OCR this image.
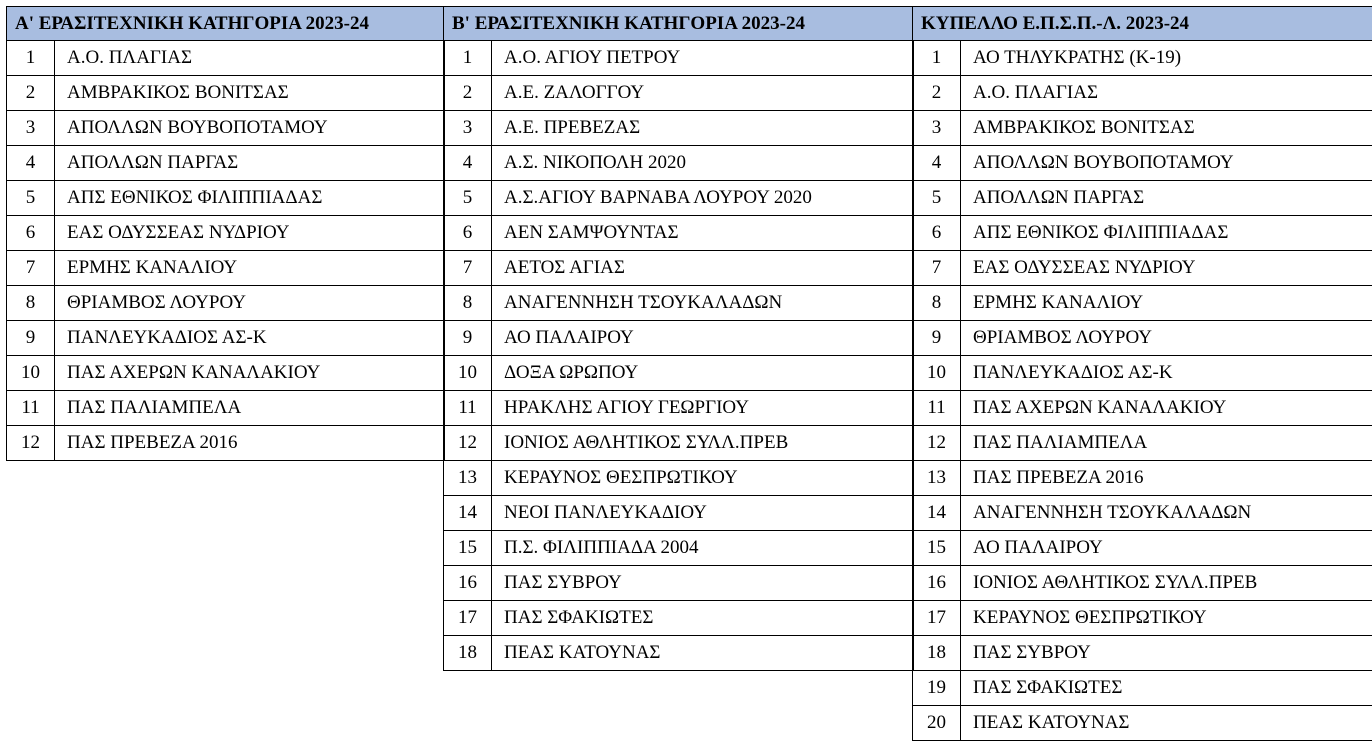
Α' ΕΡΑΣΙΤΕΧΝΙΚΗ ΚΑΤΗΓΟΡΙΑ 2023-24	
1	Α.Ο. ΠΛΑΓΙΑΣ
2	ΑΜΒΡΑΚΙΚΟΣ ΒΟΝΙΤΣΑΣ
3	ΑΠΟΛΛΩΝ ΒΟΥΒΟΠΟΤΑΜΟΥ
4	ΑΠΟΛΛΩΝ ΠΑΡΓΑΣ
5	ΑΠΣ ΕΘΝΙΚΟΣ ΦΙΛΙΠΠΙΑΔΑΣ
6	ΕΑΣ ΟΔΥΣΣΕΑΣ ΝΥΔΡΙΟΥ
7	ΕΡΜΗΣ ΚΑΝΑΛΙΟΥ
8	ΘΡΙΑΜΒΟΣ ΛΟΥΡΟΥ
9	ΠΑΝΛΕΥΚΑΔΙΟΣ ΑΣ-Κ
10	ΠΑΣ ΑΧΕΡΩΝ ΚΑΝΑΛΑΚΙΟΥ
11	ΠΑΣ ΠΑΛΙΑΜΠΕΛΑ
12	ΠΑΣ ΠΡΕΒΕΖΑ 2016
Β' ΕΡΑΣΙΤΕΧΝΙΚΗ ΚΑΤΗΓΟΡΙΑ 2023-24	
1	Α.Ο. ΑΓΙΟΥ ΠΕΤΡΟΥ
2	Α.Ε. ΖΑΛΟΓΓΟΥ
3	Α.Ε. ΠΡΕΒΕΖΑΣ
4	Α.Σ. ΝΙΚΟΠΟΛΗ 2020
5	Α.Σ.ΑΓΙΟΥ ΒΑΡΝΑΒΑ ΛΟΥΡΟΥ 2020
6	ΑΕΝ ΣΑΜΨΟΥΝΤΑΣ
7	ΑΕΤΟΣ ΑΓΙΑΣ
8	ΑΝΑΓΕΝΝΗΣΗ ΤΣΟΥΚΑΛΑΔΩΝ
9	ΑΟ ΠΑΛΑΙΡΟΥ
10	ΔΟΞΑ ΩΡΩΠΟΥ
11	ΗΡΑΚΛΗΣ ΑΓΙΟΥ ΓΕΩΡΓΙΟΥ
12	ΙΟΝΙΟΣ ΑΘΛΗΤΙΚΟΣ ΣΥΛΛ.ΠΡΕΒ
13	ΚΕΡΑΥΝΟΣ ΘΕΣΠΡΩΤΙΚΟΥ
14	ΝΕΟΙ ΠΑΝΛΕΥΚΑΔΙΟΥ
15	Π.Σ. ΦΙΛΙΠΠΙΑΔΑ 2004
16	ΠΑΣ ΣΥΒΡΟΥ
17	ΠΑΣ ΣΦΑΚΙΩΤΕΣ
18	ΠΕΑΣ ΚΑΤΟΥΝΑΣ
ΚΥΠΕΛΛΟ Ε.Π.Σ.Π.-Λ. 2023-24	
1	ΑΟ ΤΗΛΥΚΡΑΤΗΣ (Κ-19)
2	Α.Ο. ΠΛΑΓΙΑΣ
3	ΑΜΒΡΑΚΙΚΟΣ ΒΟΝΙΤΣΑΣ
4	ΑΠΟΛΛΩΝ ΒΟΥΒΟΠΟΤΑΜΟΥ
5	ΑΠΟΛΛΩΝ ΠΑΡΓΑΣ
6	ΑΠΣ ΕΘΝΙΚΟΣ ΦΙΛΙΠΠΙΑΔΑΣ
7	ΕΑΣ ΟΔΥΣΣΕΑΣ ΝΥΔΡΙΟΥ
8	ΕΡΜΗΣ ΚΑΝΑΛΙΟΥ
9	ΘΡΙΑΜΒΟΣ ΛΟΥΡΟΥ
10	ΠΑΝΛΕΥΚΑΔΙΟΣ ΑΣ-Κ
11	ΠΑΣ ΑΧΕΡΩΝ ΚΑΝΑΛΑΚΙΟΥ
12	ΠΑΣ ΠΑΛΙΑΜΠΕΛΑ
13	ΠΑΣ ΠΡΕΒΕΖΑ 2016
14	ΑΝΑΓΕΝΝΗΣΗ ΤΣΟΥΚΑΛΑΔΩΝ
15	ΑΟ ΠΑΛΑΙΡΟΥ
16	ΙΟΝΙΟΣ ΑΘΛΗΤΙΚΟΣ ΣΥΛΛ.ΠΡΕΒ
17	ΚΕΡΑΥΝΟΣ ΘΕΣΠΡΩΤΙΚΟΥ
18	ΠΑΣ ΣΥΒΡΟΥ
19	ΠΑΣ ΣΦΑΚΙΩΤΕΣ
20	ΠΕΑΣ ΚΑΤΟΥΝΑΣ
